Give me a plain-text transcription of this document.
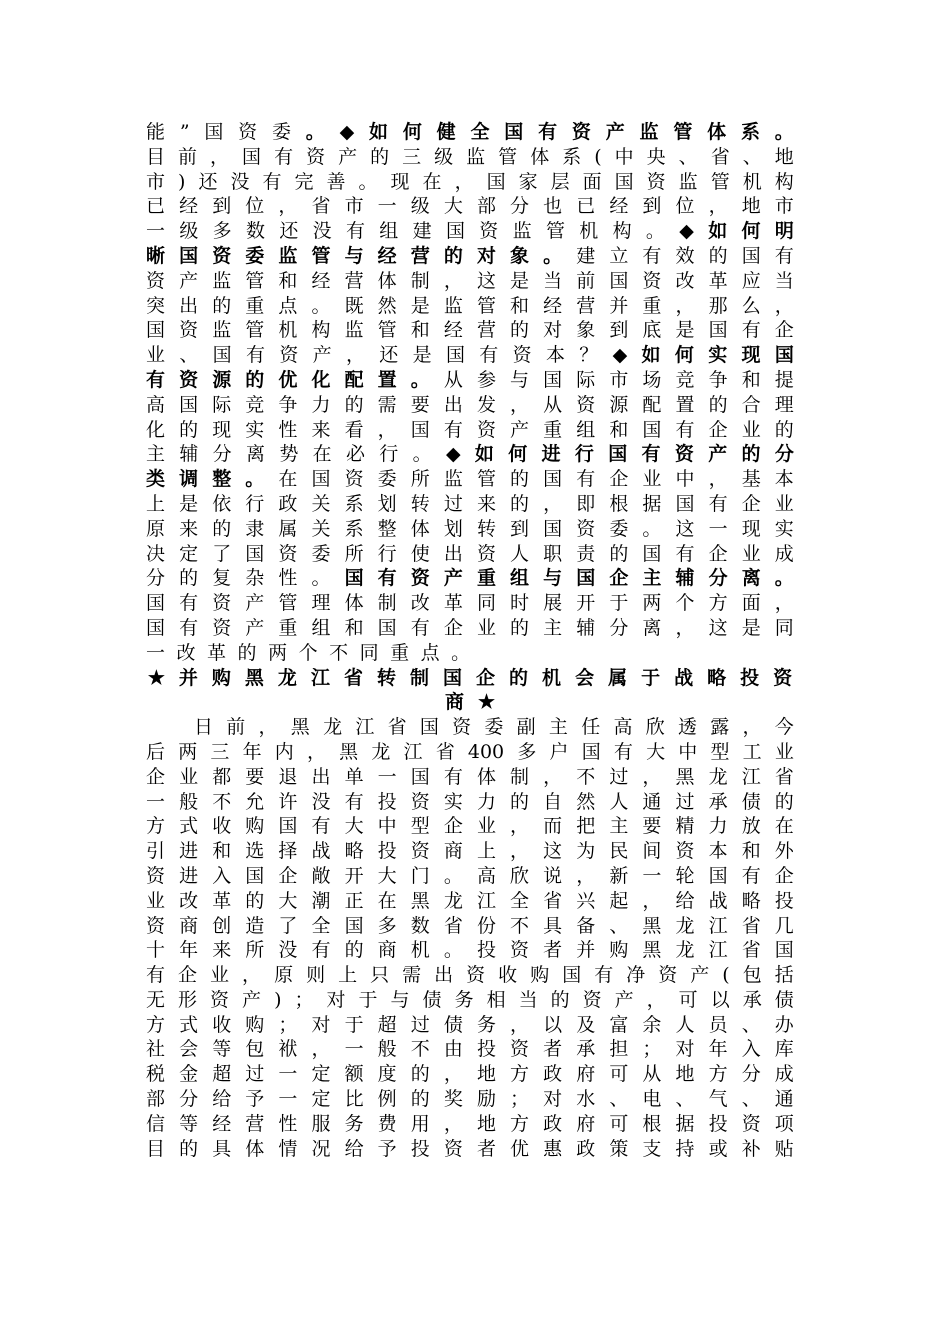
能 ” 国 资 委 。 ◆ 如 何 健 全 国 有 资 产 监 管 体 系 。
目 前 ， 国 有 资 产 的 三 级 监 管 体 系 ( 中 央 、 省 、 地
市 ) 还 没 有 完 善 。 现 在 ， 国 家 层 面 国 资 监 管 机 构
已 经 到 位 ， 省 市 一 级 大 部 分 也 已 经 到 位 ， 地 市
一 级 多 数 还 没 有 组 建 国 资 监 管 机 构 。 ◆ 如 何 明
晰 国 资 委 监 管 与 经 营 的 对 象 。 建 立 有 效 的 国 有
资 产 监 管 和 经 营 体 制 ， 这 是 当 前 国 资 改 革 应 当
突 出 的 重 点 。 既 然 是 监 管 和 经 营 并 重 ， 那 么 ，
国 资 监 管 机 构 监 管 和 经 营 的 对 象 到 底 是 国 有 企
业 、 国 有 资 产 ， 还 是 国 有 资 本 ？ ◆ 如 何 实 现 国
有 资 源 的 优 化 配 置 。 从 参 与 国 际 市 场 竞 争 和 提
高 国 际 竞 争 力 的 需 要 出 发 ， 从 资 源 配 置 的 合 理
化 的 现 实 性 来 看 ， 国 有 资 产 重 组 和 国 有 企 业 的
主 辅 分 离 势 在 必 行 。 ◆ 如 何 进 行 国 有 资 产 的 分
类 调 整 。 在 国 资 委 所 监 管 的 国 有 企 业 中 ， 基 本
上 是 依 行 政 关 系 划 转 过 来 的 ， 即 根 据 国 有 企 业
原 来 的 隶 属 关 系 整 体 划 转 到 国 资 委 。 这 一 现 实
决 定 了 国 资 委 所 行 使 出 资 人 职 责 的 国 有 企 业 成
分 的 复 杂 性 。 国 有 资 产 重 组 与 国 企 主 辅 分 离 。
国 有 资 产 管 理 体 制 改 革 同 时 展 开 于 两 个 方 面 ，
国 有 资 产 重 组 和 国 有 企 业 的 主 辅 分 离 ， 这 是 同
一 改 革 的 两 个 不 同 重 点 。
★ 并 购 黑 龙 江 省 转 制 国 企 的 机 会 属 于 战 略 投 资
商 ★
日 前 ， 黑 龙 江 省 国 资 委 副 主 任 高 欣 透 露 ， 今
后 两 三 年 内 ， 黑 龙 江 省 400 多 户 国 有 大 中 型 工 业
企 业 都 要 退 出 单 一 国 有 体 制 ， 不 过 ， 黑 龙 江 省
一 般 不 允 许 没 有 投 资 实 力 的 自 然 人 通 过 承 债 的
方 式 收 购 国 有 大 中 型 企 业 ， 而 把 主 要 精 力 放 在
引 进 和 选 择 战 略 投 资 商 上 ， 这 为 民 间 资 本 和 外
资 进 入 国 企 敞 开 大 门 。 高 欣 说 ， 新 一 轮 国 有 企
业 改 革 的 大 潮 正 在 黑 龙 江 全 省 兴 起 ， 给 战 略 投
资 商 创 造 了 全 国 多 数 省 份 不 具 备 、 黑 龙 江 省 几
十 年 来 所 没 有 的 商 机 。 投 资 者 并 购 黑 龙 江 省 国
有 企 业 ， 原 则 上 只 需 出 资 收 购 国 有 净 资 产 ( 包 括
无 形 资 产 ) ； 对 于 与 债 务 相 当 的 资 产 ， 可 以 承 债
方 式 收 购 ； 对 于 超 过 债 务 ， 以 及 富 余 人 员 、 办
社 会 等 包 袱 ， 一 般 不 由 投 资 者 承 担 ； 对 年 入 库
税 金 超 过 一 定 额 度 的 ， 地 方 政 府 可 从 地 方 分 成
部 分 给 予 一 定 比 例 的 奖 励 ； 对 水 、 电 、 气 、 通
信 等 经 营 性 服 务 费 用 ， 地 方 政 府 可 根 据 投 资 项
目 的 具 体 情 况 给 予 投 资 者 优 惠 政 策 支 持 或 补 贴
